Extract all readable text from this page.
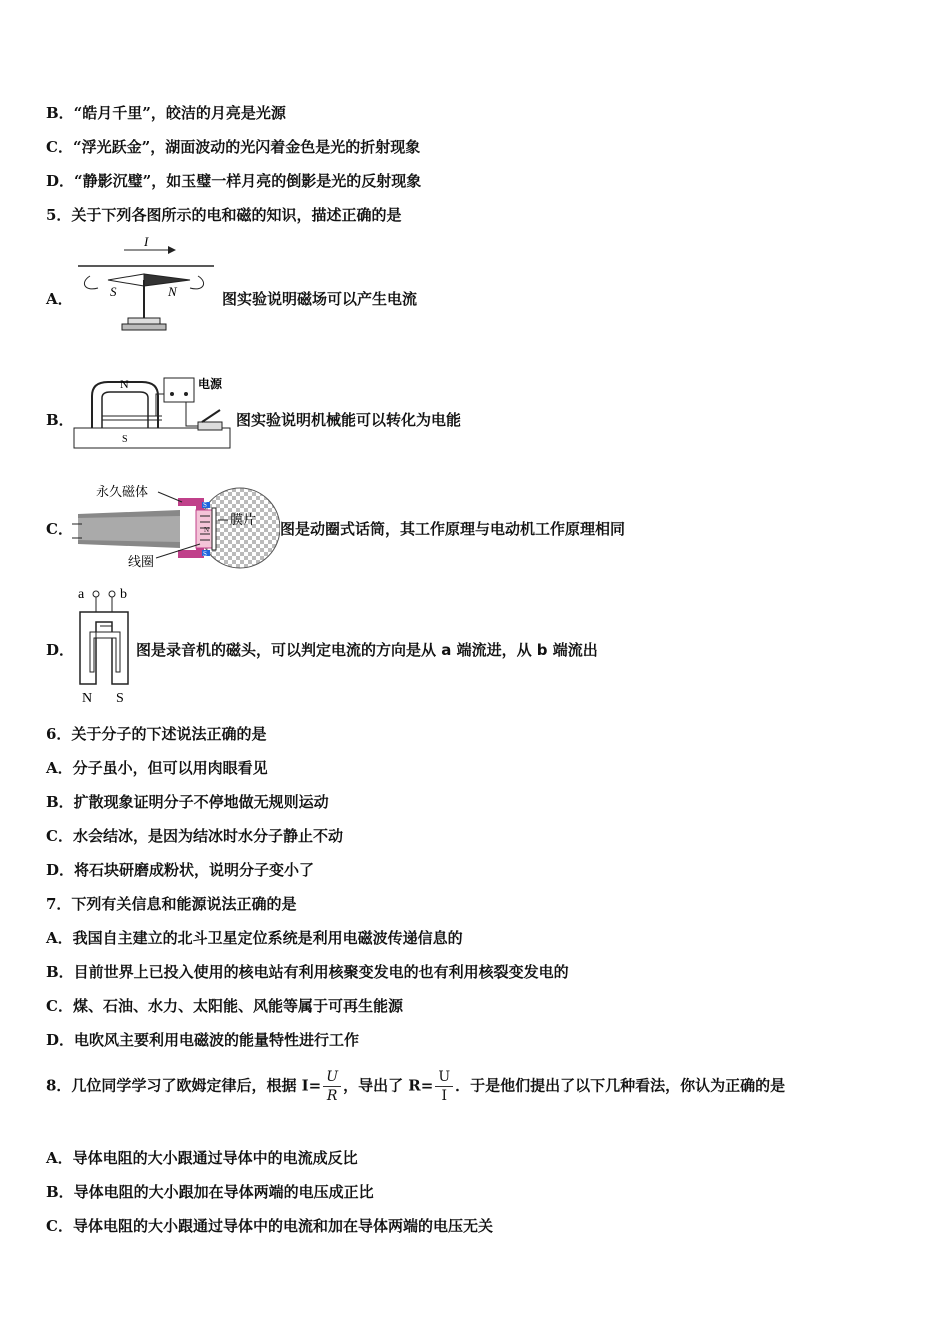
B．“皓月千里”，皎洁的月亮是光源
C．“浮光跃金”，湖面波动的光闪着金色是光的折射现象
D．“静影沉璧”，如玉璧一样月亮的倒影是光的反射现象
5．关于下列各图所示的电和磁的知识，描述正确的是
A．
I
S	N	图实验说明磁场可以产生电流
B．
N
S
电源
图实验说明机械能可以转化为电能
C．
S
S
N
永久磁体
膜片
线圈
图是动圈式话筒，其工作原理与电动机工作原理相同
D．
a	b
N S
图是录音机的磁头，可以判定电流的方向是从 a 端流进，从 b 端流出
6．关于分子的下述说法正确的是
A．分子虽小，但可以用肉眼看见
B．扩散现象证明分子不停地做无规则运动
C．水会结冰，是因为结冰时水分子静止不动
D．将石块研磨成粉状，说明分子变小了
7．下列有关信息和能源说法正确的是
A．我国自主建立的北斗卫星定位系统是利用电磁波传递信息的
B．目前世界上已投入使用的核电站有利用核聚变发电的也有利用核裂变发电的
C．煤、石油、水力、太阳能、风能等属于可再生能源
D．电吹风主要利用电磁波的能量特性进行工作
8．几位同学学习了欧姆定律后，根据 $I= \frac{U}{R}$ ，导出了 $R= \frac{U}{I}$ ．于是他们提出了以下几种看法，你认为正确的是
A．导体电阻的大小跟通过导体中的电流成反比
B．导体电阻的大小跟加在导体两端的电压成正比
C．导体电阻的大小跟通过导体中的电流和加在导体两端的电压无关
